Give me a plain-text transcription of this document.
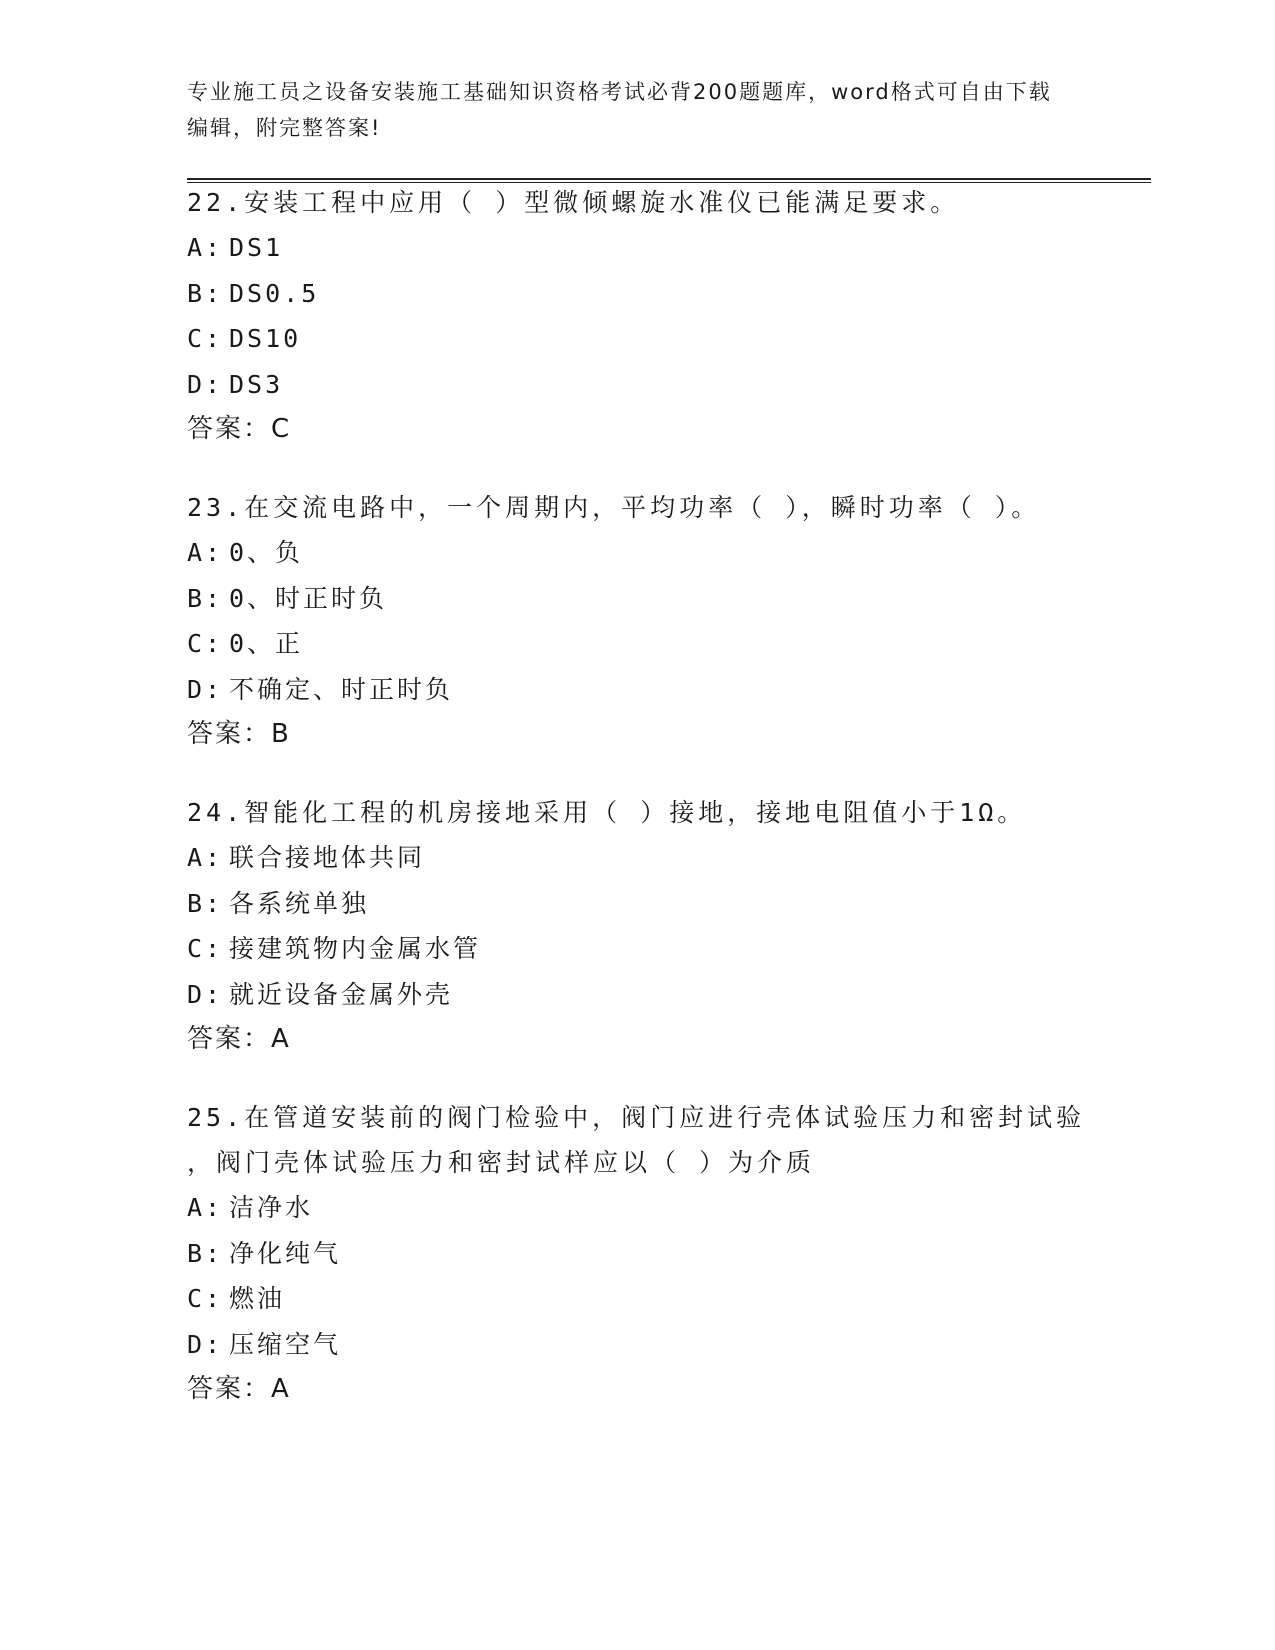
专业施工员之设备安装施工基础知识资格考试必背200题题库，word格式可自由下载编辑，附完整答案!
22.安装工程中应用（ ）型微倾螺旋水准仪已能满足要求。
A: DS1
B: DS0.5
C: DS10
D: DS3
答案：C
23.在交流电路中，一个周期内，平均功率（ ），瞬时功率（ ）。
A: 0、负
B: 0、时正时负
C: 0、正
D: 不确定、时正时负
答案：B
24.智能化工程的机房接地采用（ ）接地，接地电阻值小于1Ω。
A: 联合接地体共同
B: 各系统单独
C: 接建筑物内金属水管
D: 就近设备金属外壳
答案：A
25.在管道安装前的阀门检验中，阀门应进行壳体试验压力和密封试验
，阀门壳体试验压力和密封试样应以（ ）为介质
A: 洁净水
B: 净化纯气
C: 燃油
D: 压缩空气
答案：A
